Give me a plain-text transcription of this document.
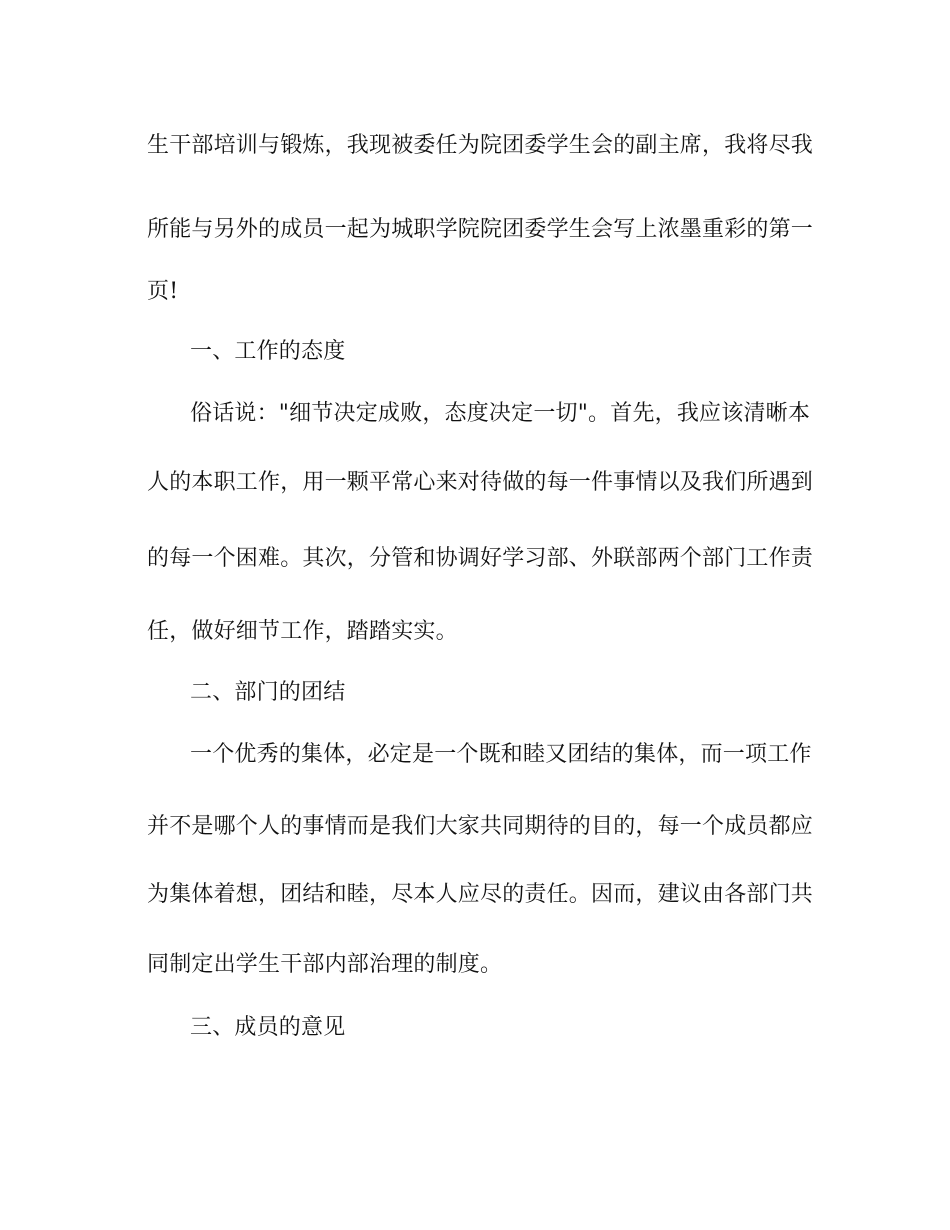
生干部培训与锻炼，我现被委任为院团委学生会的副主席，我将尽我
所能与另外的成员一起为城职学院院团委学生会写上浓墨重彩的第一
页!
一、工作的态度
俗话说："细节决定成败，态度决定一切"。首先，我应该清晰本
人的本职工作，用一颗平常心来对待做的每一件事情以及我们所遇到
的每一个困难。其次，分管和协调好学习部、外联部两个部门工作责
任，做好细节工作，踏踏实实。
二、部门的团结
一个优秀的集体，必定是一个既和睦又团结的集体，而一项工作
并不是哪个人的事情而是我们大家共同期待的目的，每一个成员都应
为集体着想，团结和睦，尽本人应尽的责任。因而，建议由各部门共
同制定出学生干部内部治理的制度。
三、成员的意见
